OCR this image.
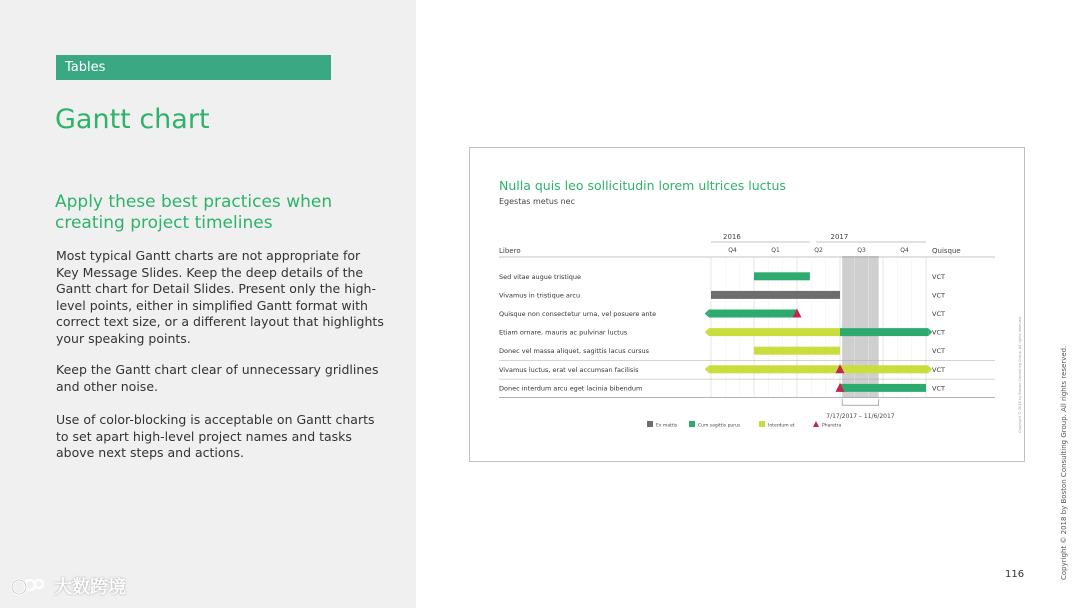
Tables
Gantt chart
Apply these best practices when creating project timelines

Most typical Gantt charts are not appropriate for Key Message Slides. Keep the deep details of the Gantt chart for Detail Slides. Present only the high-level points, either in simplified Gantt format with correct text size, or a different layout that highlights your speaking points.

Keep the Gantt chart clear of unnecessary gridlines and other noise.

Use of color-blocking is acceptable on Gantt charts to set apart high-level project names and tasks above next steps and actions.

大数跨境
Nulla quis leo sollicitudin lorem ultrices luctus
Egestas metus nec
Libero	Quisque
2016	2017
Q4	Q1	Q2	Q3	Q4
Sed vitae augue tristique	VCT
Vivamus in tristique arcu	VCT
Quisque non consectetur urna, vel posuere ante	VCT
Etiam ornare, mauris ac pulvinar luctus	VCT
Donec vel massa aliquet, sagittis lacus cursus	VCT
Vivamus luctus, erat vel accumsan facilisis	VCT
Donec interdum arcu eget lacinia bibendum	VCT
7/17/2017 – 11/6/2017
Ex mattis	Cum sagittis purus	Interdum et	Pharetra	Copyright © 2018 by Boston Consulting Group. All rights reserved.	Copyright © 2018 by Boston Consulting Group. All rights reserved.
116
